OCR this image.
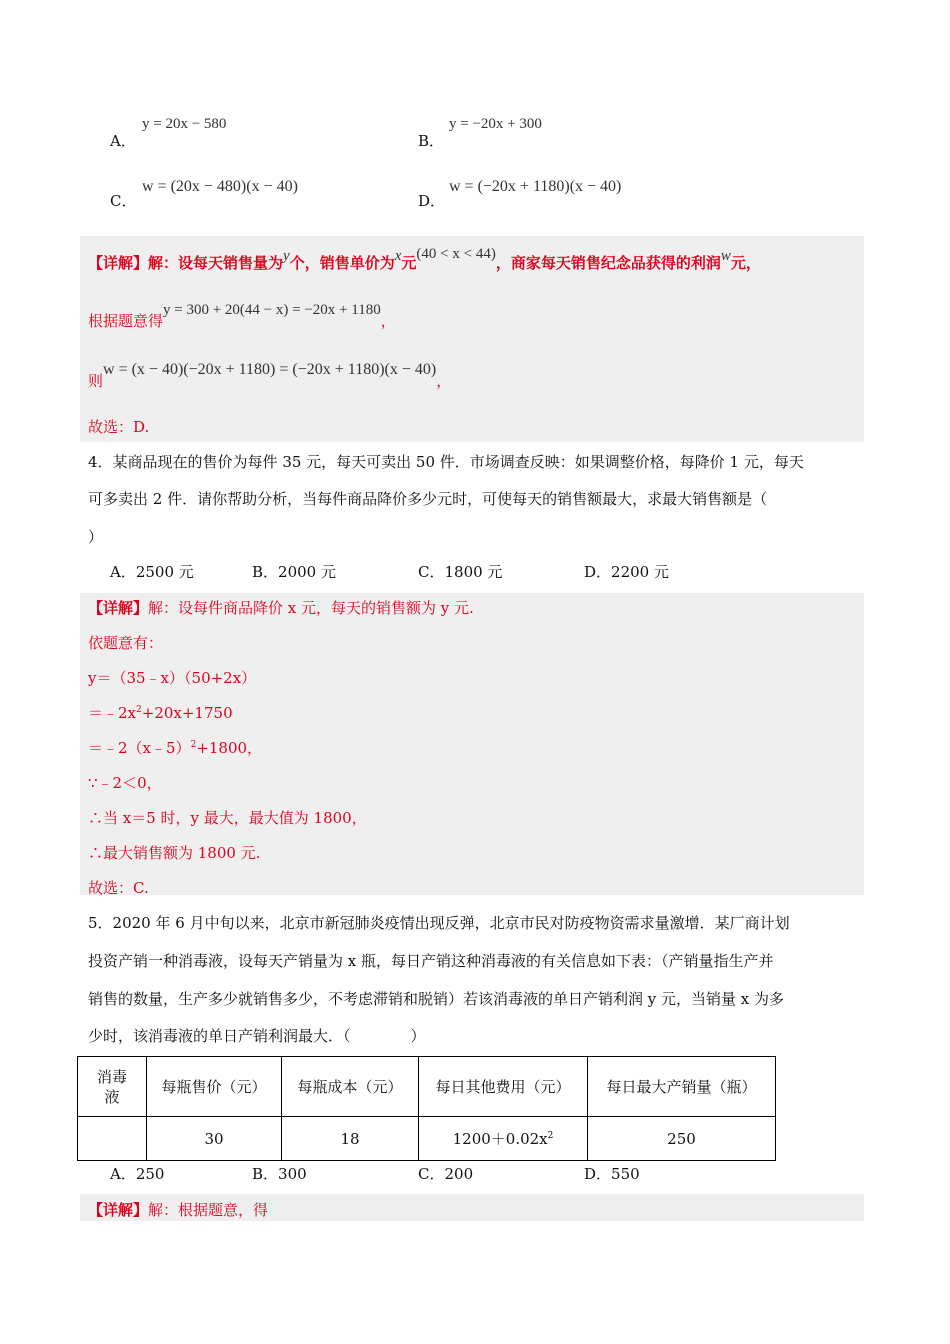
A．
y = 20x − 580
B．
y = −20x + 300
C．
w = (20x − 480)(x − 40)
D．
w = (−20x + 1180)(x − 40)
【详解】解：设每天销售量为y个，销售单价为x元(40 < x < 44)，商家每天销售纪念品获得的利润w元，
根据题意得y = 300 + 20(44 − x) = −20x + 1180，
则w = (x − 40)(−20x + 1180) = (−20x + 1180)(x − 40)，
故选：D.
4．某商品现在的售价为每件 35 元，每天可卖出 50 件．市场调查反映：如果调整价格，每降价 1 元，每天
可多卖出 2 件．请你帮助分析，当每件商品降价多少元时，可使每天的销售额最大，求最大销售额是（
）
A．2500 元	B．2000 元	C．1800 元	D．2200 元
【详解】解：设每件商品降价 x 元，每天的销售额为 y 元.
依题意有：
y＝（35﹣x）（50+2x）
$=﹣2x^2+20x+1750$
＝﹣2（x﹣5）$^2$+1800，
∵﹣2＜0，
∴当 x＝5 时，y 最大，最大值为 1800，
∴最大销售额为 1800 元.
故选：C.
5．2020 年 6 月中旬以来，北京市新冠肺炎疫情出现反弹，北京市民对防疫物资需求量激增．某厂商计划
投资产销一种消毒液，设每天产销量为 x 瓶，每日产销这种消毒液的有关信息如下表：（产销量指生产并
销售的数量，生产多少就销售多少，不考虑滞销和脱销）若该消毒液的单日产销利润 y 元，当销量 x 为多
少时，该消毒液的单日产销利润最大．（　　　　）
消毒液	每瓶售价（元）	每瓶成本（元）	每日其他费用（元）	每日最大产销量（瓶）
	30	18	$1200+0.02x^2$	250
A．250	B．300	C．200	D．550
【详解】解：根据题意，得
